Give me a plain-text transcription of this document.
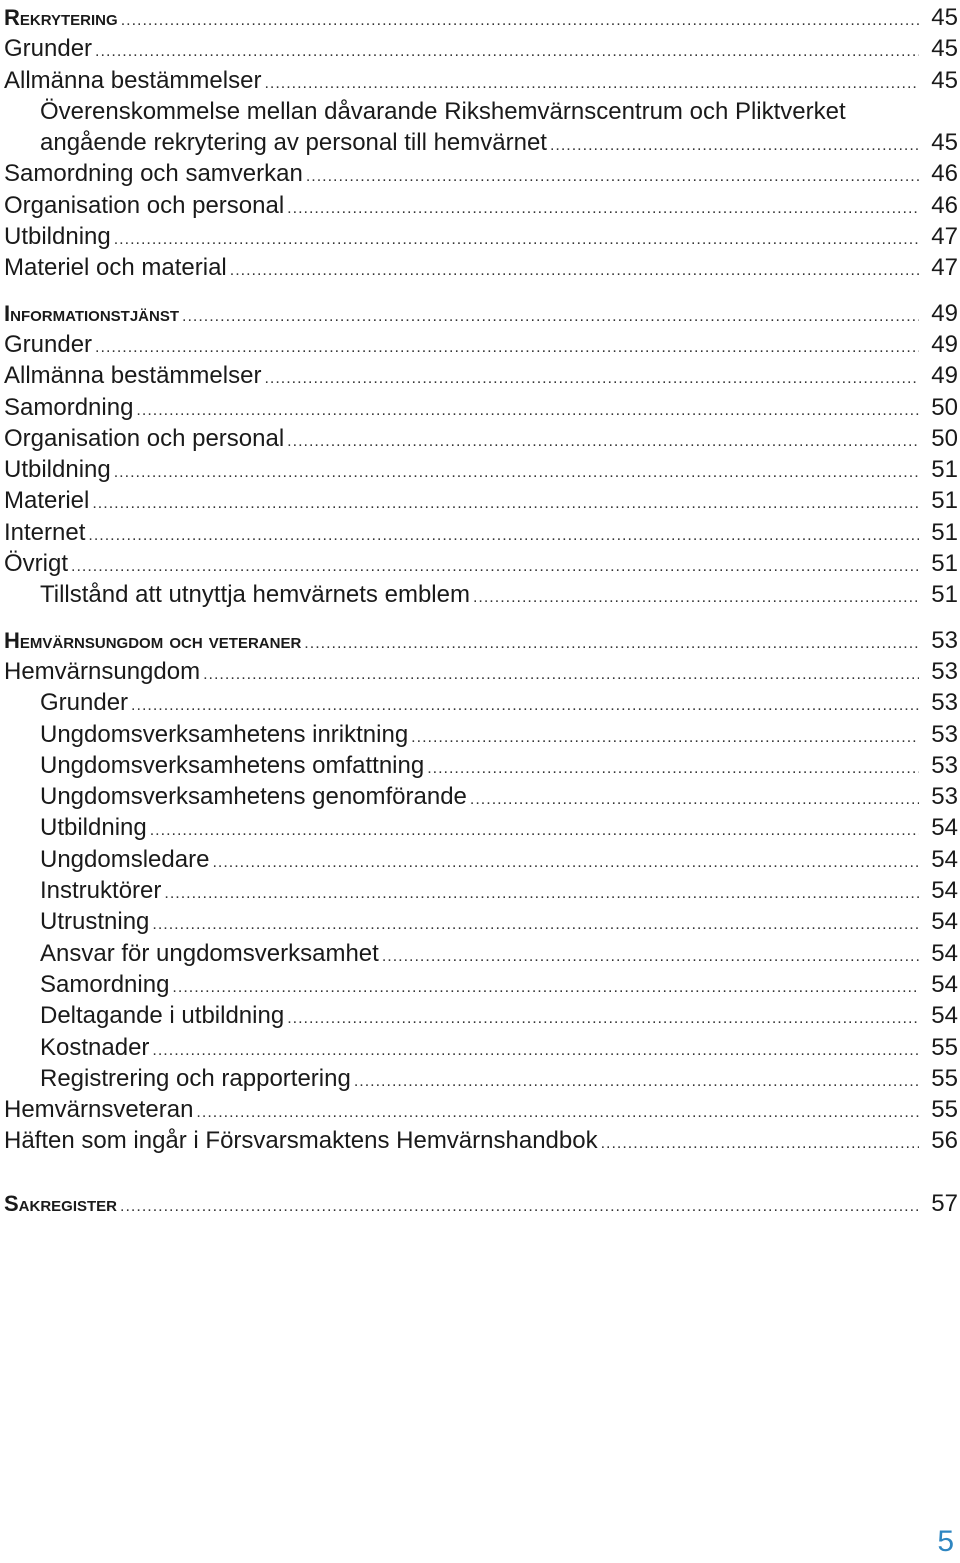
Rekrytering .....	45
Grunder .....	45
Allmänna bestämmelser .....	45
Överenskommelse mellan dåvarande Rikshemvärnscentrum och Pliktverket
angående rekrytering av personal till hemvärnet .....	45
Samordning och samverkan .....	46
Organisation och personal .....	46
Utbildning .....	47
Materiel och material .....	47
Informationstjänst .....	49
Grunder .....	49
Allmänna bestämmelser .....	49
Samordning .....	50
Organisation och personal .....	50
Utbildning .....	51
Materiel .....	51
Internet .....	51
Övrigt .....	51
Tillstånd att utnyttja hemvärnets emblem .....	51
Hemvärnsungdom och veteraner .....	53
Hemvärnsungdom .....	53
Grunder .....	53
Ungdomsverksamhetens inriktning .....	53
Ungdomsverksamhetens omfattning .....	53
Ungdomsverksamhetens genomförande .....	53
Utbildning .....	54
Ungdomsledare .....	54
Instruktörer .....	54
Utrustning .....	54
Ansvar för ungdomsverksamhet .....	54
Samordning .....	54
Deltagande i utbildning .....	54
Kostnader .....	55
Registrering och rapportering .....	55
Hemvärnsveteran .....	55
Häften som ingår i Försvarsmaktens Hemvärnshandbok .....	56
Sakregister .....	57
5
